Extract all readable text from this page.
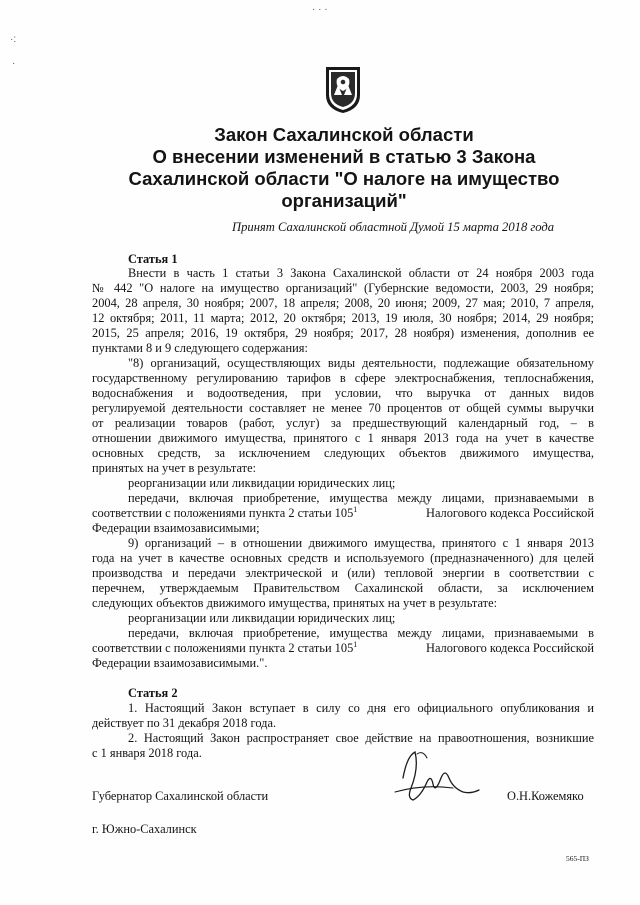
· · ·
·:
·
Закон Сахалинской области
О внесении изменений в статью 3 Закона
Сахалинской области "О налоге на имущество
организаций"
Принят Сахалинской областной Думой 15 марта 2018 года
Статья 1
Внести в часть 1 статьи 3 Закона Сахалинской области от 24 ноября 2003 года
№ 442 "О налоге на имущество организаций" (Губернские ведомости, 2003, 29 ноября;
2004, 28 апреля, 30 ноября; 2007, 18 апреля; 2008, 20 июня; 2009, 27 мая; 2010, 7 апреля,
12 октября; 2011, 11 марта; 2012, 20 октября; 2013, 19 июля, 30 ноября; 2014, 29 ноября;
2015, 25 апреля; 2016, 19 октября, 29 ноября; 2017, 28 ноября) изменения, дополнив ее
пунктами 8 и 9 следующего содержания:
"8) организаций, осуществляющих виды деятельности, подлежащие обязательному
государственному регулированию тарифов в сфере электроснабжения, теплоснабжения,
водоснабжения и водоотведения, при условии, что выручка от данных видов
регулируемой деятельности составляет не менее 70 процентов от общей суммы выручки
от реализации товаров (работ, услуг) за предшествующий календарный год, – в
отношении движимого имущества, принятого с 1 января 2013 года на учет в качестве
основных средств, за исключением следующих объектов движимого имущества,
принятых на учет в результате:
реорганизации или ликвидации юридических лиц;
передачи, включая приобретение, имущества между лицами, признаваемыми в
соответствии с положениями пункта 2 статьи $105^1$	Налогового кодекса Российской
Федерации взаимозависимыми;
9) организаций – в отношении движимого имущества, принятого с 1 января 2013
года на учет в качестве основных средств и используемого (предназначенного) для целей
производства и передачи электрической и (или) тепловой энергии в соответствии с
перечнем, утверждаемым Правительством Сахалинской области, за исключением
следующих объектов движимого имущества, принятых на учет в результате:
реорганизации или ликвидации юридических лиц;
передачи, включая приобретение, имущества между лицами, признаваемыми в
соответствии с положениями пункта 2 статьи $105^1$	Налогового кодекса Российской
Федерации взаимозависимыми.".
Статья 2
1. Настоящий Закон вступает в силу со дня его официального опубликования и
действует по 31 декабря 2018 года.
2. Настоящий Закон распространяет свое действие на правоотношения, возникшие
с 1 января 2018 года.
Губернатор Сахалинской области	О.Н.Кожемяко
г. Южно-Сахалинск
565-ПЗ
